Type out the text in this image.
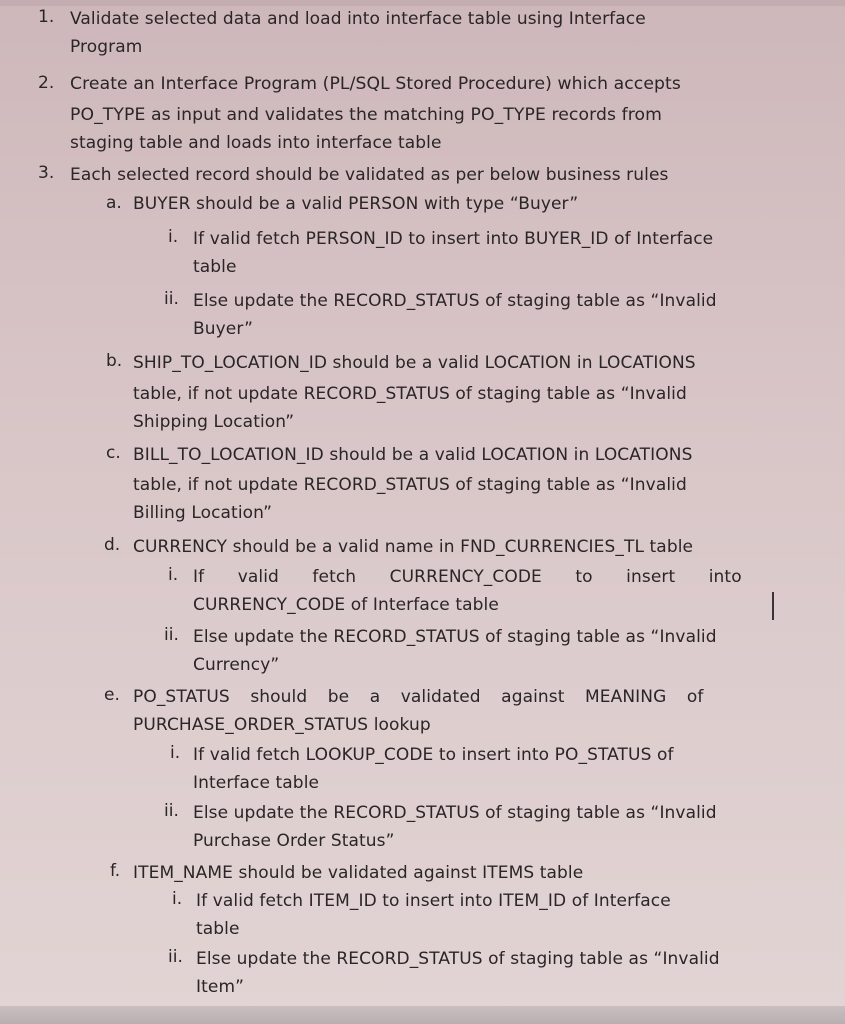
1. Validate selected data and load into interface table using Interface
Program
2. Create an Interface Program (PL/SQL Stored Procedure) which accepts
PO_TYPE as input and validates the matching PO_TYPE records from
staging table and loads into interface table
3. Each selected record should be validated as per below business rules
a. BUYER should be a valid PERSON with type “Buyer”
i. If valid fetch PERSON_ID to insert into BUYER_ID of Interface
table
ii. Else update the RECORD_STATUS of staging table as “Invalid
Buyer”
b. SHIP_TO_LOCATION_ID should be a valid LOCATION in LOCATIONS
table, if not update RECORD_STATUS of staging table as “Invalid
Shipping Location”
c. BILL_TO_LOCATION_ID should be a valid LOCATION in LOCATIONS
table, if not update RECORD_STATUS of staging table as “Invalid
Billing Location”
d. CURRENCY should be a valid name in FND_CURRENCIES_TL table
i. If valid fetch CURRENCY_CODE to insert into
CURRENCY_CODE of Interface table
ii. Else update the RECORD_STATUS of staging table as “Invalid
Currency”
e. PO_STATUS should be a validated against MEANING of
PURCHASE_ORDER_STATUS lookup
i. If valid fetch LOOKUP_CODE to insert into PO_STATUS of
Interface table
ii. Else update the RECORD_STATUS of staging table as “Invalid
Purchase Order Status”
f. ITEM_NAME should be validated against ITEMS table
i. If valid fetch ITEM_ID to insert into ITEM_ID of Interface
table
ii. Else update the RECORD_STATUS of staging table as “Invalid
Item”
